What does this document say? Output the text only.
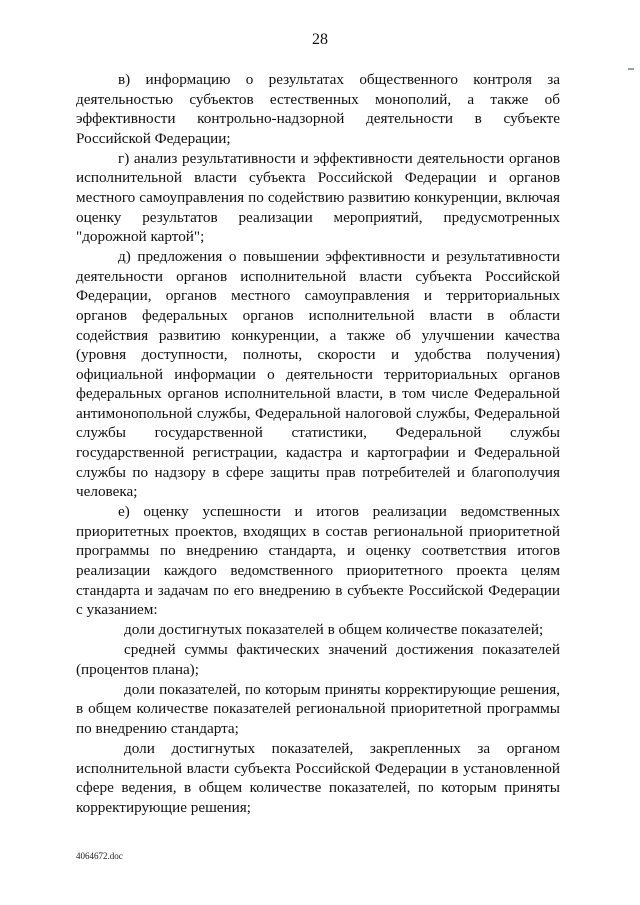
28

в) информацию о результатах общественного контроля за деятельностью субъектов естественных монополий, а также об эффективности контрольно-надзорной деятельности в субъекте Российской Федерации;

г) анализ результативности и эффективности деятельности органов исполнительной власти субъекта Российской Федерации и органов местного самоуправления по содействию развитию конкуренции, включая оценку результатов реализации мероприятий, предусмотренных "дорожной картой";

д) предложения о повышении эффективности и результативности деятельности органов исполнительной власти субъекта Российской Федерации, органов местного самоуправления и территориальных органов федеральных органов исполнительной власти в области содействия развитию конкуренции, а также об улучшении качества (уровня доступности, полноты, скорости и удобства получения) официальной информации о деятельности территориальных органов федеральных органов исполнительной власти, в том числе Федеральной антимонопольной службы, Федеральной налоговой службы, Федеральной службы государственной статистики, Федеральной службы государственной регистрации, кадастра и картографии и Федеральной службы по надзору в сфере защиты прав потребителей и благополучия человека;

е) оценку успешности и итогов реализации ведомственных приоритетных проектов, входящих в состав региональной приоритетной программы по внедрению стандарта, и оценку соответствия итогов реализации каждого ведомственного приоритетного проекта целям стандарта и задачам по его внедрению в субъекте Российской Федерации с указанием:

доли достигнутых показателей в общем количестве показателей;

средней суммы фактических значений достижения показателей (процентов плана);

доли показателей, по которым приняты корректирующие решения, в общем количестве показателей региональной приоритетной программы по внедрению стандарта;

доли достигнутых показателей, закрепленных за органом исполнительной власти субъекта Российской Федерации в установленной сфере ведения, в общем количестве показателей, по которым приняты корректирующие решения;

4064672.doc
